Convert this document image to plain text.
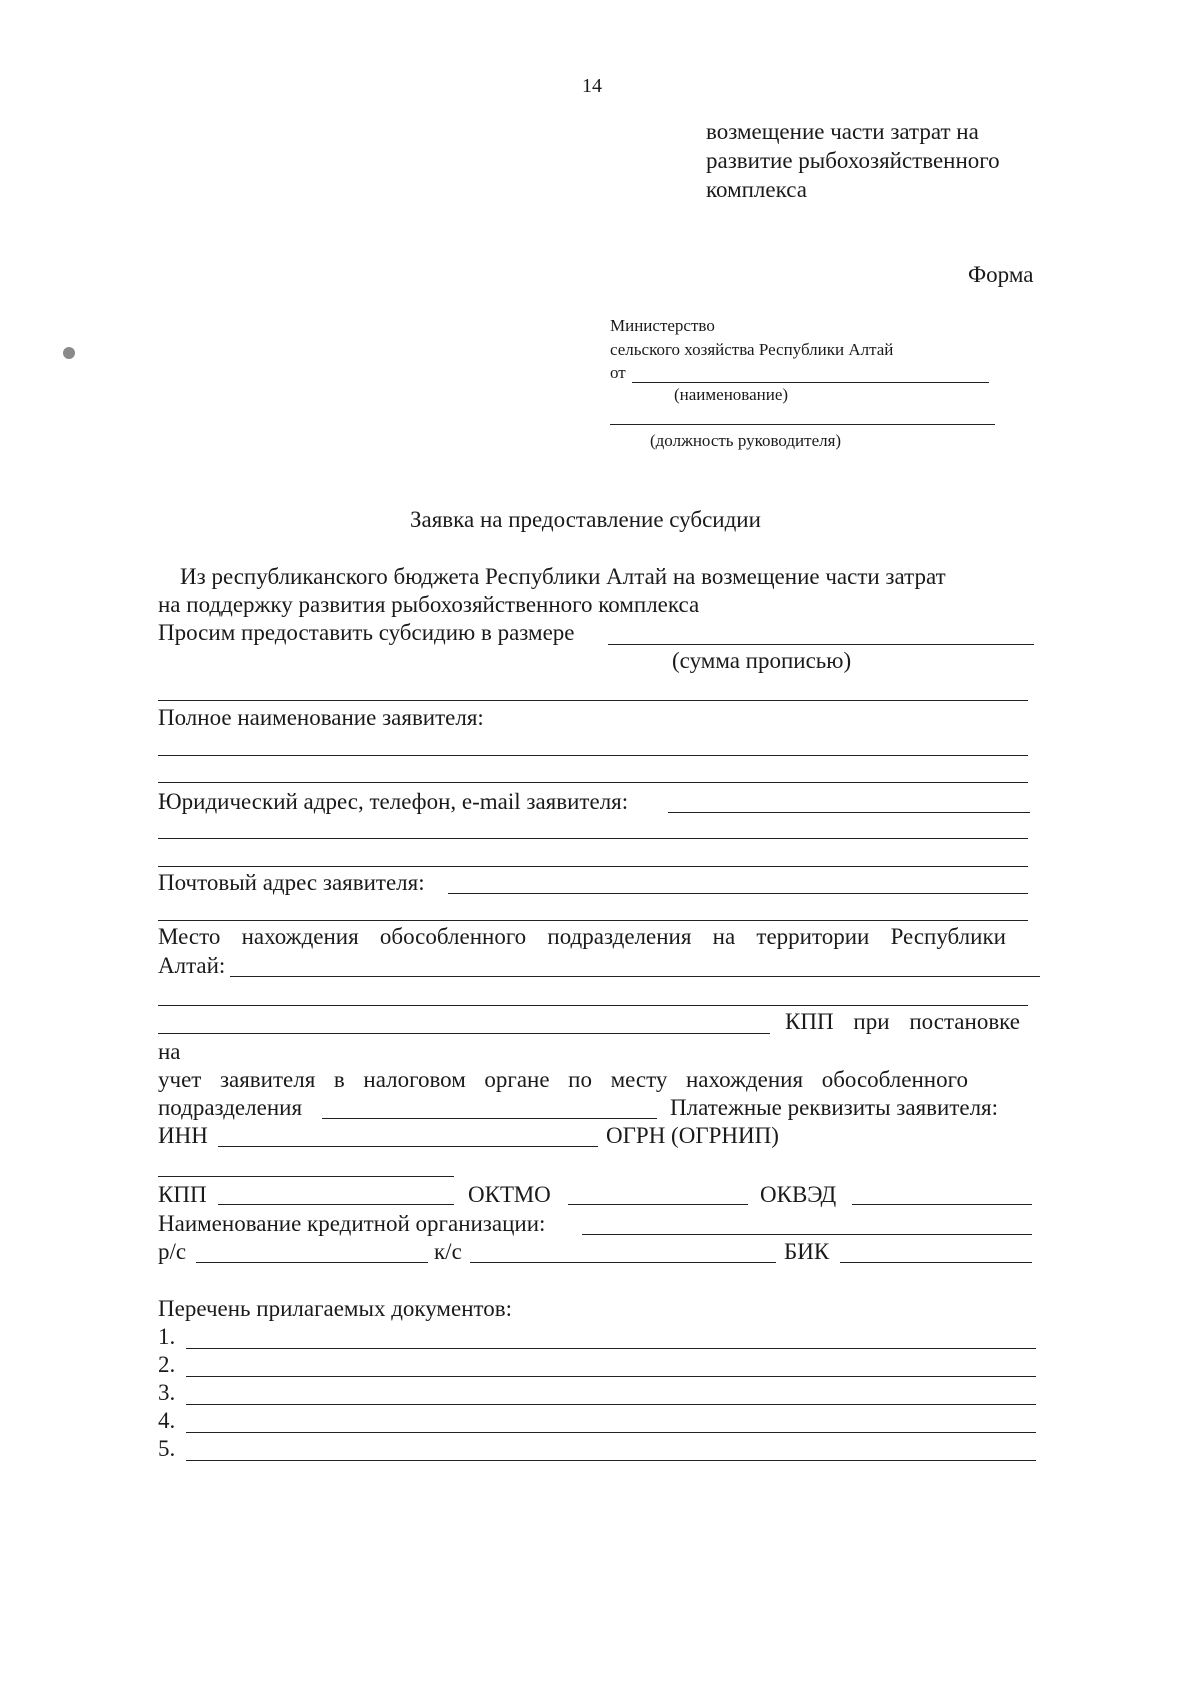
14
возмещение части затрат на
развитие рыбохозяйственного
комплекса
Форма
Министерство
сельского хозяйства Республики Алтай
от
(наименование)
(должность руководителя)
Заявка на предоставление субсидии
Из республиканского бюджета Республики Алтай на возмещение части затрат
на поддержку развития рыбохозяйственного комплекса
Просим предоставить субсидию в размере
(сумма прописью)
Полное наименование заявителя:
Юридический адрес, телефон, e-mail заявителя:
Почтовый адрес заявителя:
Место нахождения обособленного подразделения на территории Республики
Алтай:
КПП при постановке
на
учет заявителя в налоговом органе по месту нахождения обособленного
подразделения	Платежные реквизиты заявителя:
ИНН	ОГРН (ОГРНИП)
КПП	ОКТМО	ОКВЭД
Наименование кредитной организации:
р/с	к/с	БИК
Перечень прилагаемых документов:
1.
2.
3.
4.
5.
